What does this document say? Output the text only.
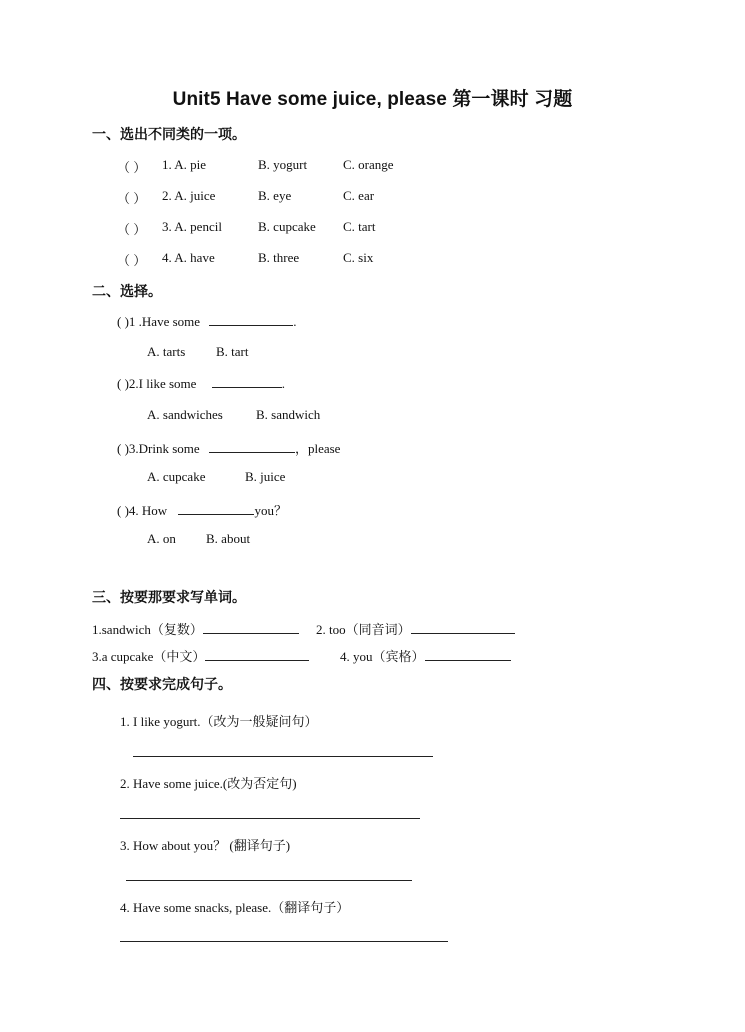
Unit5 Have some juice, please 第一课时 习题
一、选出不同类的一项。
（ ） 1. A. pie	B. yogurt	C. orange
（ ） 2. A. juice	B. eye	C. ear
（ ） 3. A. pencil	B. cupcake C. tart
（ ） 4. A. have	B. three	C. six
二、选择。
( )1 .Have some	.
A. tarts B. tart
( )2.I like some	.
A. sandwiches	B. sandwich
( )3.Drink some	，please
A. cupcake	B. juice
( )4. How	you？
A. on B. about
三、按要那要求写单词。
1.sandwich（复数）	2. too（同音词）
3.a cupcake（中文）	4. you（宾格）
四、按要求完成句子。
1. I like yogurt.（改为一般疑问句）
2. Have some juice.(改为否定句)
3. How about you？ (翻译句子)
4. Have some snacks, please.（翻译句子）
